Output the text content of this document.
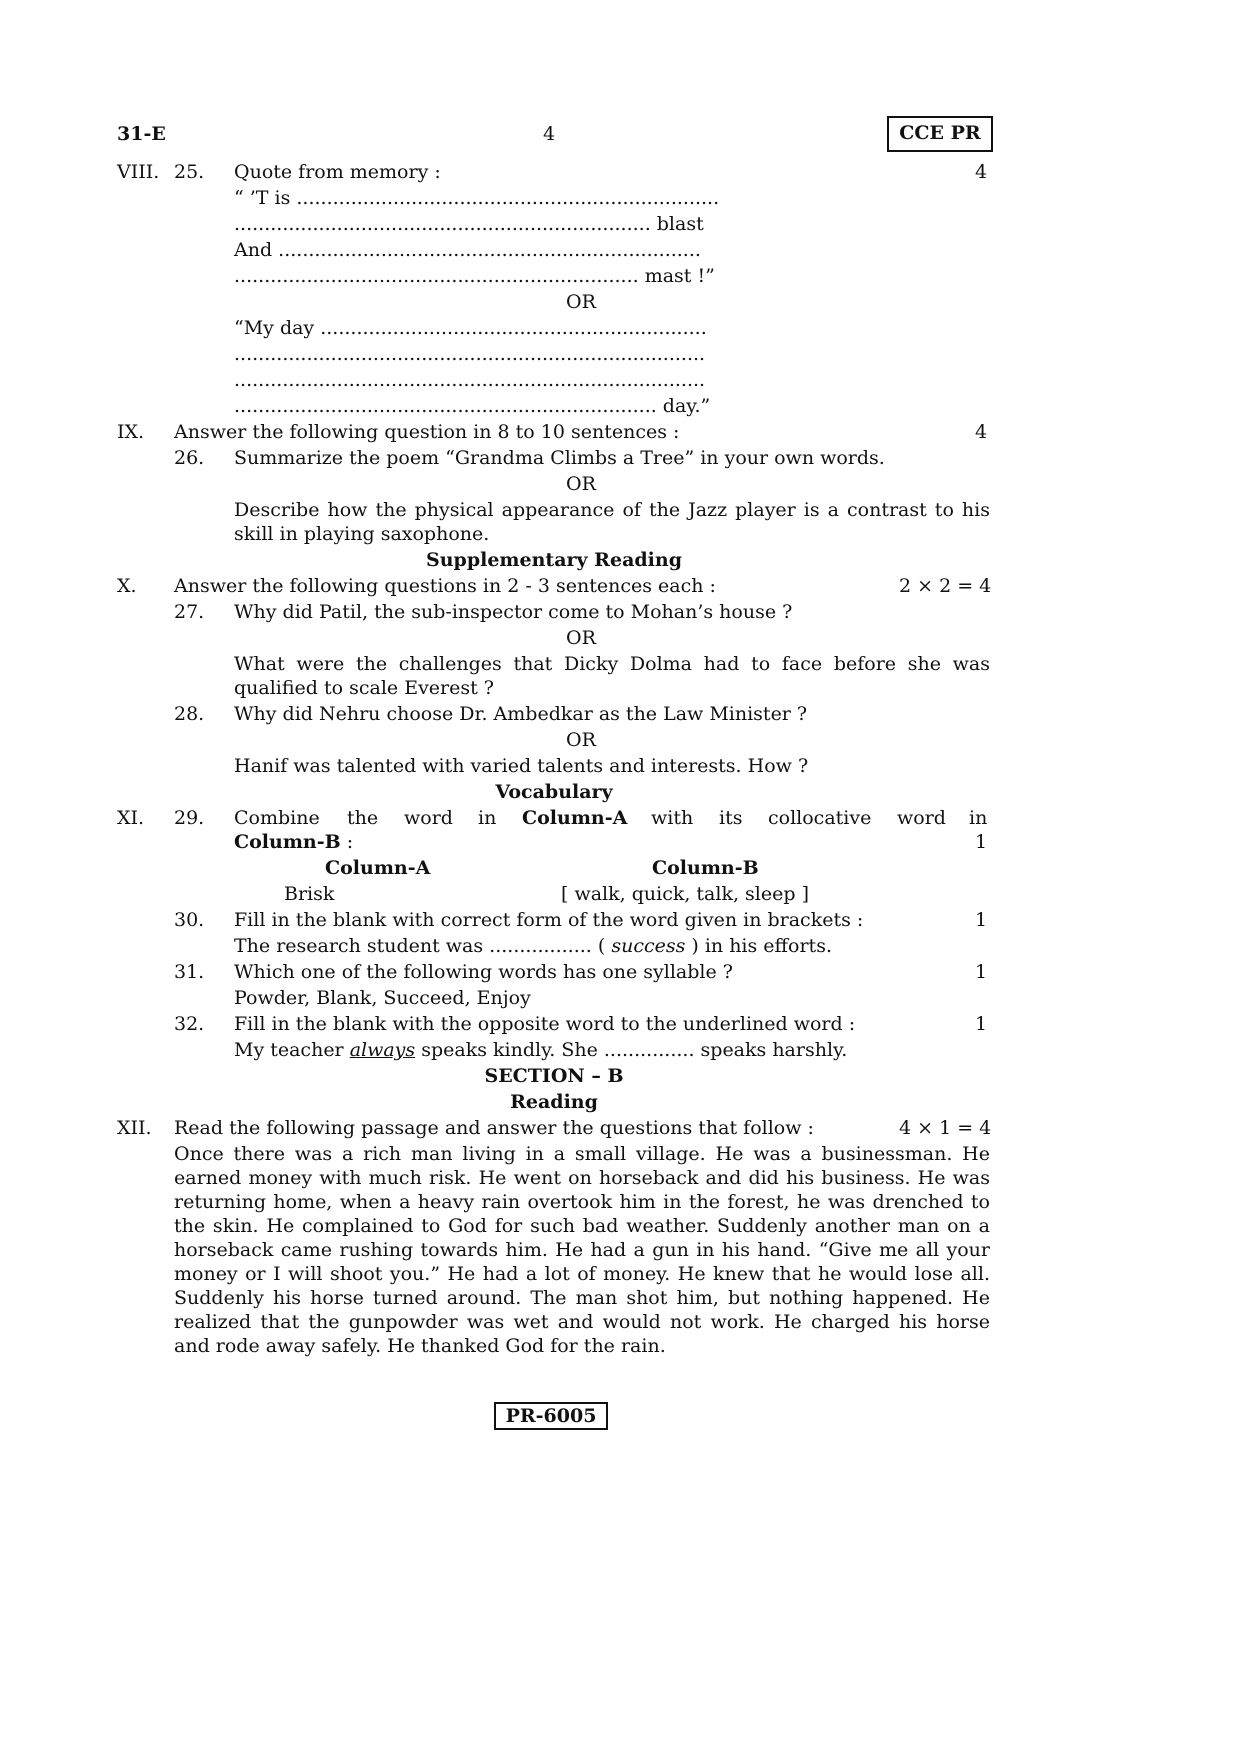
31-E	4	CCE PR
VIII. 25. Quote from memory :	4
“ ’T is ......................................................................
..................................................................... blast
And ......................................................................
................................................................... mast !”
OR
“My day ................................................................
..............................................................................
..............................................................................
...................................................................... day.”
IX. Answer the following question in 8 to 10 sentences :	4
26. Summarize the poem “Grandma Climbs a Tree” in your own words.
OR
Describe how the physical appearance of the Jazz player is a contrast to his skill in playing saxophone.
Supplementary Reading
X. Answer the following questions in 2 - 3 sentences each :	2 × 2 = 4
27. Why did Patil, the sub-inspector come to Mohan’s house ?
OR
What were the challenges that Dicky Dolma had to face before she was qualified to scale Everest ?
28. Why did Nehru choose Dr. Ambedkar as the Law Minister ?
OR
Hanif was talented with varied talents and interests. How ?
Vocabulary
XI. 29. Combine the word in Column-A with its collocative word in
Column-B :	1
Column-A	Column-B
Brisk	[ walk, quick, talk, sleep ]
30. Fill in the blank with correct form of the word given in brackets :	1
The research student was ................. ( success ) in his efforts.
31. Which one of the following words has one syllable ?	1
Powder, Blank, Succeed, Enjoy
32. Fill in the blank with the opposite word to the underlined word :	1
My teacher always speaks kindly. She ............... speaks harshly.
SECTION – B
Reading
XII. Read the following passage and answer the questions that follow :	4 × 1 = 4
Once there was a rich man living in a small village. He was a businessman. He earned money with much risk. He went on horseback and did his business. He was returning home, when a heavy rain overtook him in the forest, he was drenched to the skin. He complained to God for such bad weather. Suddenly another man on a horseback came rushing towards him. He had a gun in his hand. “Give me all your money or I will shoot you.” He had a lot of money. He knew that he would lose all. Suddenly his horse turned around. The man shot him, but nothing happened. He realized that the gunpowder was wet and would not work. He charged his horse and rode away safely. He thanked God for the rain.
PR-6005
